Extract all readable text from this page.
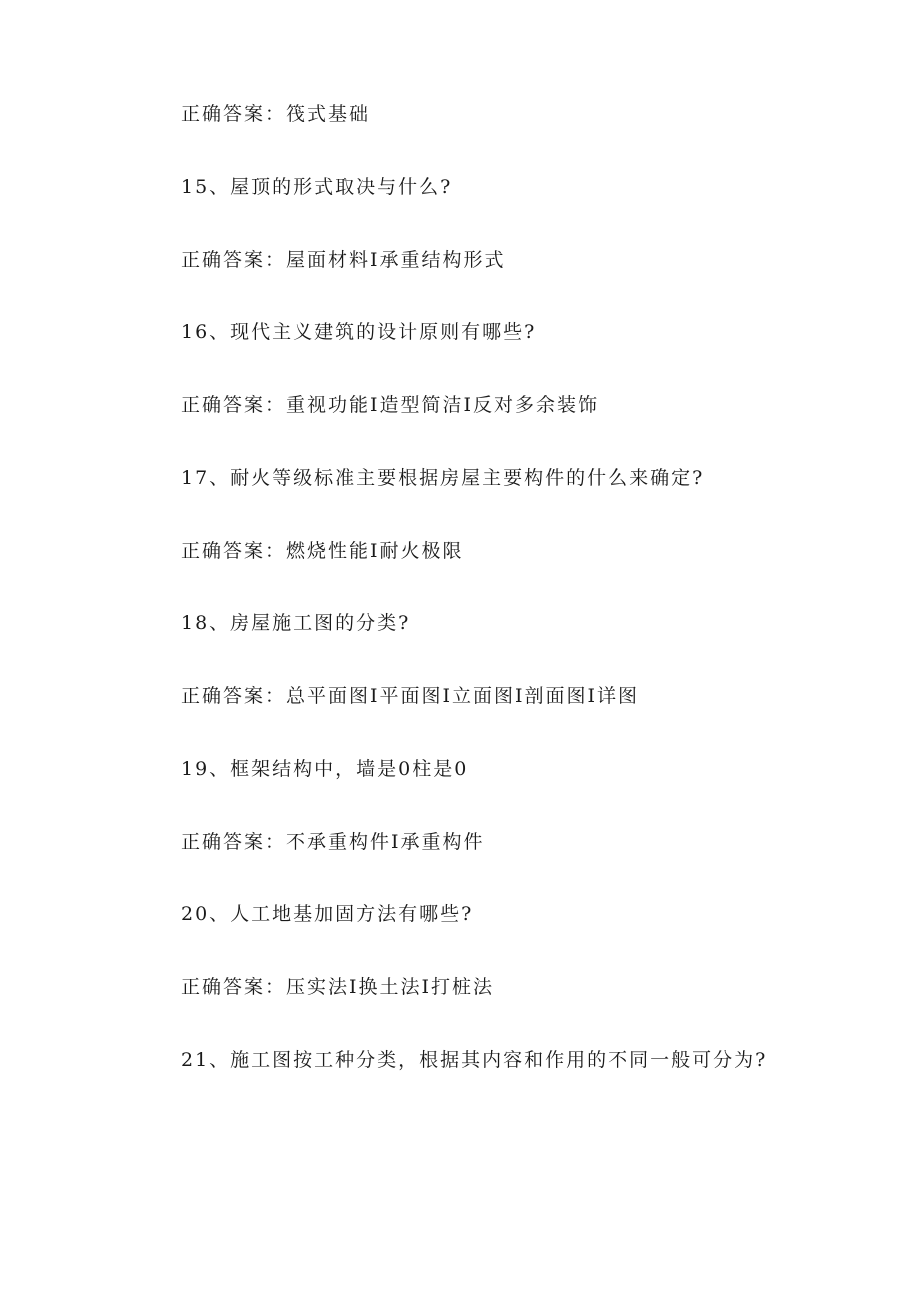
正确答案：筏式基础
15、屋顶的形式取决与什么?
正确答案：屋面材料I承重结构形式
16、现代主义建筑的设计原则有哪些?
正确答案：重视功能I造型简洁I反对多余装饰
17、耐火等级标准主要根据房屋主要构件的什么来确定?
正确答案：燃烧性能I耐火极限
18、房屋施工图的分类?
正确答案：总平面图I平面图I立面图I剖面图I详图
19、框架结构中，墙是0柱是0
正确答案：不承重构件I承重构件
20、人工地基加固方法有哪些?
正确答案：压实法I换土法I打桩法
21、施工图按工种分类，根据其内容和作用的不同一般可分为?
